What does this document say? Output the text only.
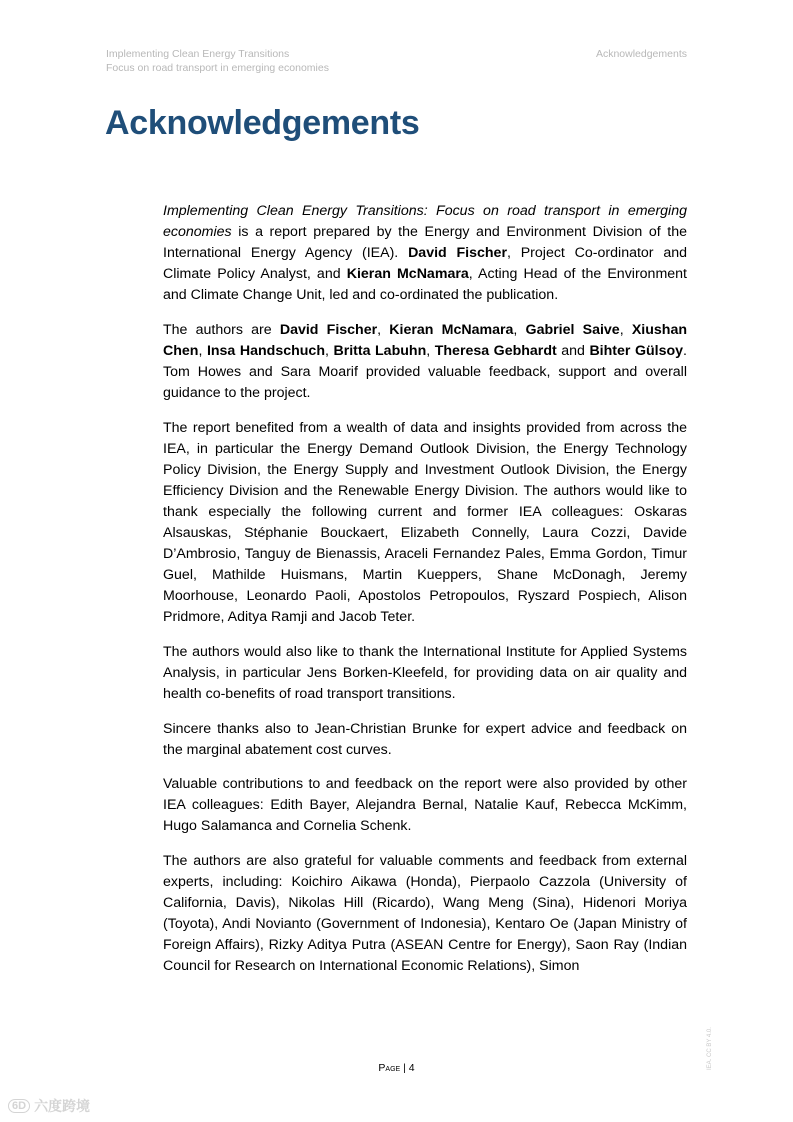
Implementing Clean Energy Transitions
Focus on road transport in emerging economies
Acknowledgements
Acknowledgements

Implementing Clean Energy Transitions: Focus on road transport in emerging economies is a report prepared by the Energy and Environment Division of the International Energy Agency (IEA). David Fischer, Project Co-ordinator and Climate Policy Analyst, and Kieran McNamara, Acting Head of the Environment and Climate Change Unit, led and co-ordinated the publication.

The authors are David Fischer, Kieran McNamara, Gabriel Saive, Xiushan Chen, Insa Handschuch, Britta Labuhn, Theresa Gebhardt and Bihter Gülsoy. Tom Howes and Sara Moarif provided valuable feedback, support and overall guidance to the project.

The report benefited from a wealth of data and insights provided from across the IEA, in particular the Energy Demand Outlook Division, the Energy Technology Policy Division, the Energy Supply and Investment Outlook Division, the Energy Efficiency Division and the Renewable Energy Division. The authors would like to thank especially the following current and former IEA colleagues: Oskaras Alsauskas, Stéphanie Bouckaert, Elizabeth Connelly, Laura Cozzi, Davide D’Ambrosio, Tanguy de Bienassis, Araceli Fernandez Pales, Emma Gordon, Timur Guel, Mathilde Huismans, Martin Kueppers, Shane McDonagh, Jeremy Moorhouse, Leonardo Paoli, Apostolos Petropoulos, Ryszard Pospiech, Alison Pridmore, Aditya Ramji and Jacob Teter.

The authors would also like to thank the International Institute for Applied Systems Analysis, in particular Jens Borken-Kleefeld, for providing data on air quality and health co-benefits of road transport transitions.

Sincere thanks also to Jean-Christian Brunke for expert advice and feedback on the marginal abatement cost curves.

Valuable contributions to and feedback on the report were also provided by other IEA colleagues: Edith Bayer, Alejandra Bernal, Natalie Kauf, Rebecca McKimm, Hugo Salamanca and Cornelia Schenk.

The authors are also grateful for valuable comments and feedback from external experts, including: Koichiro Aikawa (Honda), Pierpaolo Cazzola (University of California, Davis), Nikolas Hill (Ricardo), Wang Meng (Sina), Hidenori Moriya (Toyota), Andi Novianto (Government of Indonesia), Kentaro Oe (Japan Ministry of Foreign Affairs), Rizky Aditya Putra (ASEAN Centre for Energy), Saon Ray (Indian Council for Research on International Economic Relations), Simon

Page | 4	IEA. CC BY 4.0.
6D 六度跨境
